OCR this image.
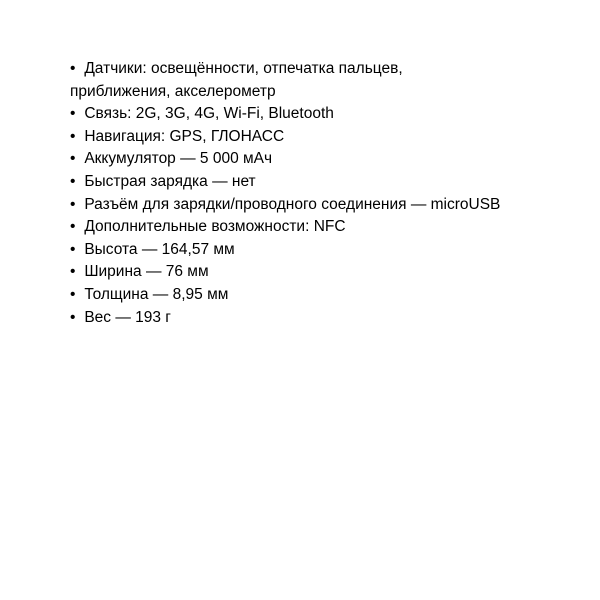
• Датчики: освещённости, отпечатка пальцев,
приближения, акселерометр
• Связь: 2G, 3G, 4G, Wi-Fi, Bluetooth
• Навигация: GPS, ГЛОНАСС
• Аккумулятор — 5 000 мАч
• Быстрая зарядка — нет
• Разъём для зарядки/проводного соединения — microUSB
• Дополнительные возможности: NFC
• Высота — 164,57 мм
• Ширина — 76 мм
• Толщина — 8,95 мм
• Вес — 193 г
